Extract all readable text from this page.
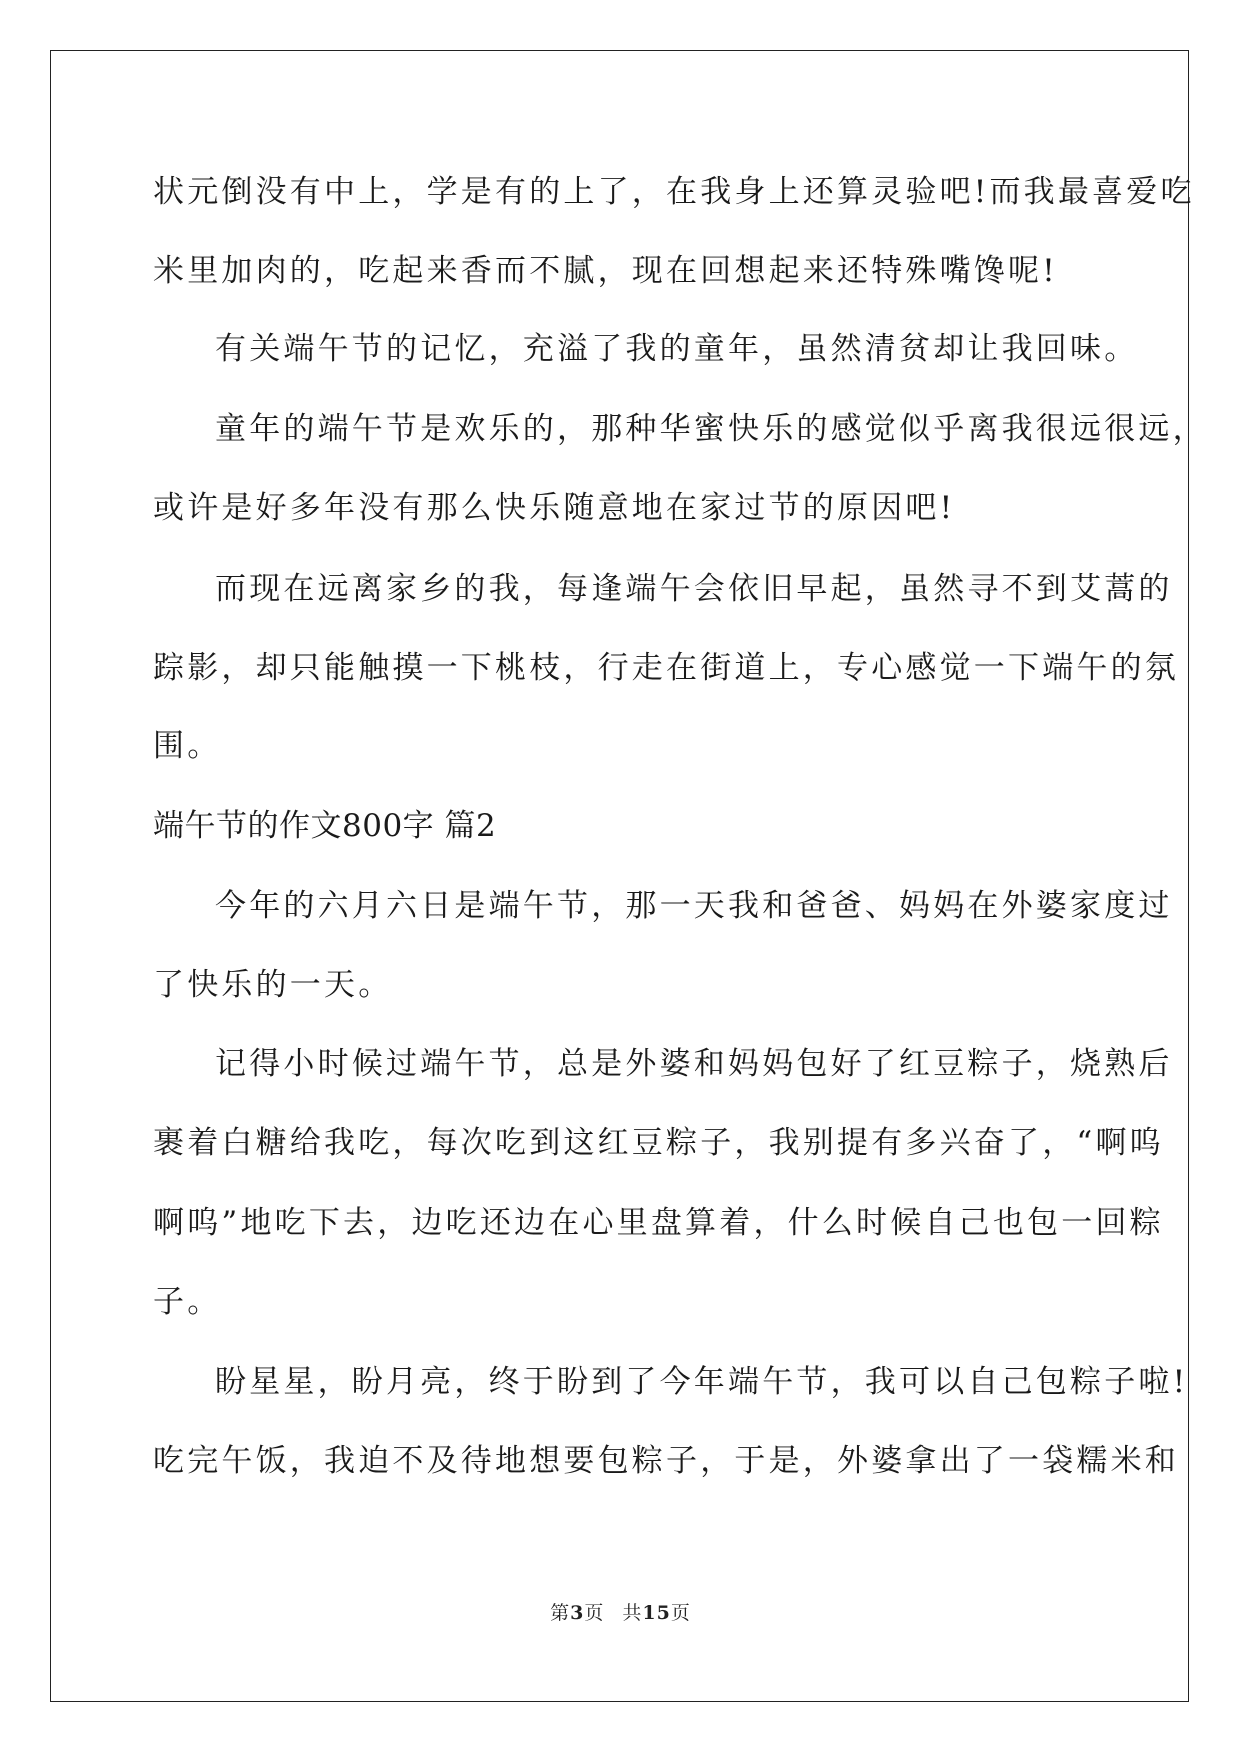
状元倒没有中上，学是有的上了，在我身上还算灵验吧!而我最喜爱吃
米里加肉的，吃起来香而不腻，现在回想起来还特殊嘴馋呢!
有关端午节的记忆，充溢了我的童年，虽然清贫却让我回味。
童年的端午节是欢乐的，那种华蜜快乐的感觉似乎离我很远很远，
或许是好多年没有那么快乐随意地在家过节的原因吧!
而现在远离家乡的我，每逢端午会依旧早起，虽然寻不到艾蒿的
踪影，却只能触摸一下桃枝，行走在街道上，专心感觉一下端午的氛
围。
端午节的作文800字 篇2
今年的六月六日是端午节，那一天我和爸爸、妈妈在外婆家度过
了快乐的一天。
记得小时候过端午节，总是外婆和妈妈包好了红豆粽子，烧熟后
裹着白糖给我吃，每次吃到这红豆粽子，我别提有多兴奋了，“啊呜
啊呜”地吃下去，边吃还边在心里盘算着，什么时候自己也包一回粽
子。
盼星星，盼月亮，终于盼到了今年端午节，我可以自己包粽子啦!
吃完午饭，我迫不及待地想要包粽子，于是，外婆拿出了一袋糯米和
第3页 共15页
